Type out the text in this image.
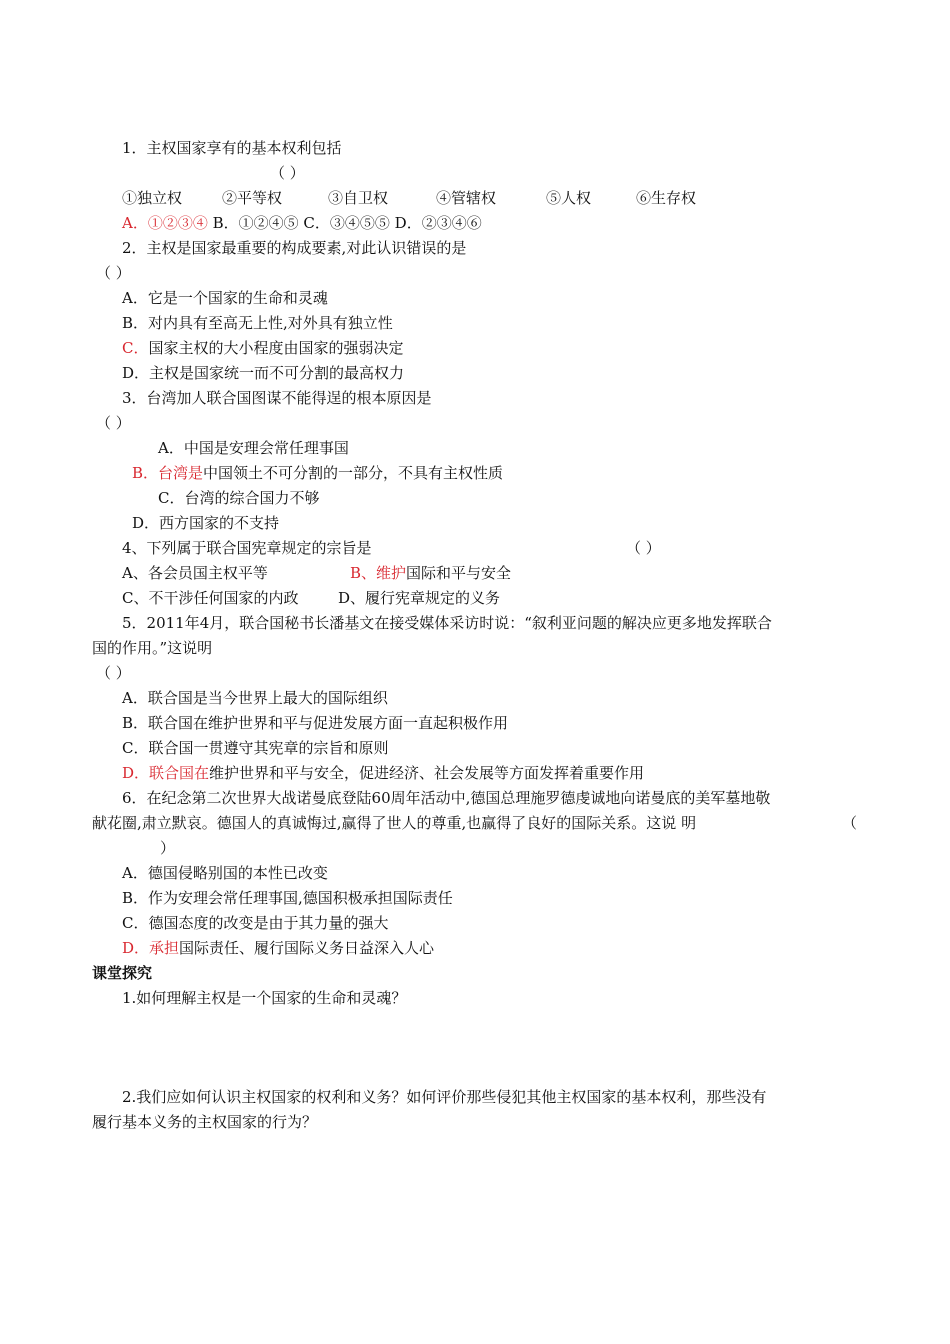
1．主权国家享有的基本权利包括
（ ）
①独立权	②平等权	③自卫权	④管辖权	⑤人权	⑥生存权
A．①②③④ B．①②④⑤ C．③④⑤⑤ D．②③④⑥
2．主权是国家最重要的构成要素,对此认识错误的是
（ ）
A．它是一个国家的生命和灵魂
B．对内具有至高无上性,对外具有独立性
C．国家主权的大小程度由国家的强弱决定
D．主权是国家统一而不可分割的最高权力
3．台湾加人联合国图谋不能得逞的根本原因是
（ ）
A．中国是安理会常任理事国
B．台湾是中国领土不可分割的一部分，不具有主权性质
C．台湾的综合国力不够
D．西方国家的不支持
4、下列属于联合国宪章规定的宗旨是	（ ）
A、各会员国主权平等	B、维护国际和平与安全
C、不干涉任何国家的内政	D、履行宪章规定的义务
5．2011年4月，联合国秘书长潘基文在接受媒体采访时说：“叙利亚问题的解决应更多地发挥联合
国的作用。”这说明
（ ）
A．联合国是当今世界上最大的国际组织
B．联合国在维护世界和平与促进发展方面一直起积极作用
C．联合国一贯遵守其宪章的宗旨和原则
D．联合国在维护世界和平与安全，促进经济、社会发展等方面发挥着重要作用
6．在纪念第二次世界大战诺曼底登陆60周年活动中,德国总理施罗德虔诚地向诺曼底的美军墓地敬
献花圈,肃立默哀。德国人的真诚悔过,赢得了世人的尊重,也赢得了良好的国际关系。这说 明	（
）
A．德国侵略别国的本性已改变
B．作为安理会常任理事国,德国积极承担国际责任
C．德国态度的改变是由于其力量的强大
D．承担国际责任、履行国际义务日益深入人心
课堂探究
1.如何理解主权是一个国家的生命和灵魂？
2.我们应如何认识主权国家的权利和义务？如何评价那些侵犯其他主权国家的基本权利，那些没有
履行基本义务的主权国家的行为？
